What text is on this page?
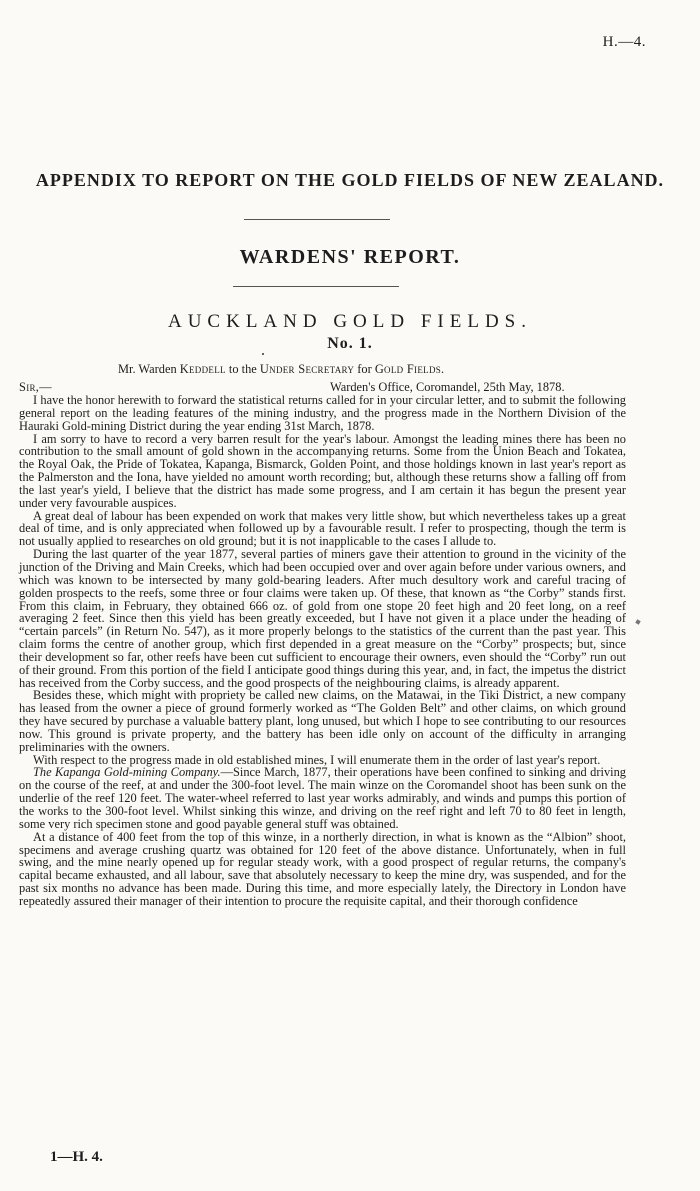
H.—4.
APPENDIX TO REPORT ON THE GOLD FIELDS OF NEW ZEALAND.
WARDENS' REPORT.
AUCKLAND GOLD FIELDS.
No. 1.
Mr. Warden Keddell to the Under Secretary for Gold Fields.
Sir,—	Warden's Office, Coromandel, 25th May, 1878.

I have the honor herewith to forward the statistical returns called for in your circular letter, and to submit the following general report on the leading features of the mining industry, and the progress made in the Northern Division of the Hauraki Gold-mining District during the year ending 31st March, 1878.

I am sorry to have to record a very barren result for the year's labour. Amongst the leading mines there has been no contribution to the small amount of gold shown in the accompanying returns. Some from the Union Beach and Tokatea, the Royal Oak, the Pride of Tokatea, Kapanga, Bismarck, Golden Point, and those holdings known in last year's report as the Palmerston and the Iona, have yielded no amount worth recording; but, although these returns show a falling off from the last year's yield, I believe that the district has made some progress, and I am certain it has begun the present year under very favourable auspices.

A great deal of labour has been expended on work that makes very little show, but which nevertheless takes up a great deal of time, and is only appreciated when followed up by a favourable result. I refer to prospecting, though the term is not usually applied to researches on old ground; but it is not inapplicable to the cases I allude to.

During the last quarter of the year 1877, several parties of miners gave their attention to ground in the vicinity of the junction of the Driving and Main Creeks, which had been occupied over and over again before under various owners, and which was known to be intersected by many gold-bearing leaders. After much desultory work and careful tracing of golden prospects to the reefs, some three or four claims were taken up. Of these, that known as “the Corby” stands first. From this claim, in February, they obtained 666 oz. of gold from one stope 20 feet high and 20 feet long, on a reef averaging 2 feet. Since then this yield has been greatly exceeded, but I have not given it a place under the heading of “certain parcels” (in Return No. 547), as it more properly belongs to the statistics of the current than the past year. This claim forms the centre of another group, which first depended in a great measure on the “Corby” prospects; but, since their development so far, other reefs have been cut sufficient to encourage their owners, even should the “Corby” run out of their ground. From this portion of the field I anticipate good things during this year, and, in fact, the impetus the district has received from the Corby success, and the good prospects of the neighbouring claims, is already apparent.

Besides these, which might with propriety be called new claims, on the Matawai, in the Tiki District, a new company has leased from the owner a piece of ground formerly worked as “The Golden Belt” and other claims, on which ground they have secured by purchase a valuable battery plant, long unused, but which I hope to see contributing to our resources now. This ground is private property, and the battery has been idle only on account of the difficulty in arranging preliminaries with the owners.

With respect to the progress made in old established mines, I will enumerate them in the order of last year's report.

The Kapanga Gold-mining Company.—Since March, 1877, their operations have been confined to sinking and driving on the course of the reef, at and under the 300-foot level. The main winze on the Coromandel shoot has been sunk on the underlie of the reef 120 feet. The water-wheel referred to last year works admirably, and winds and pumps this portion of the works to the 300-foot level. Whilst sinking this winze, and driving on the reef right and left 70 to 80 feet in length, some very rich specimen stone and good payable general stuff was obtained.

At a distance of 400 feet from the top of this winze, in a northerly direction, in what is known as the “Albion” shoot, specimens and average crushing quartz was obtained for 120 feet of the above distance. Unfortunately, when in full swing, and the mine nearly opened up for regular steady work, with a good prospect of regular returns, the company's capital became exhausted, and all labour, save that absolutely necessary to keep the mine dry, was suspended, and for the past six months no advance has been made. During this time, and more especially lately, the Directory in London have repeatedly assured their manager of their intention to procure the requisite capital, and their thorough confidence

1—H. 4.
